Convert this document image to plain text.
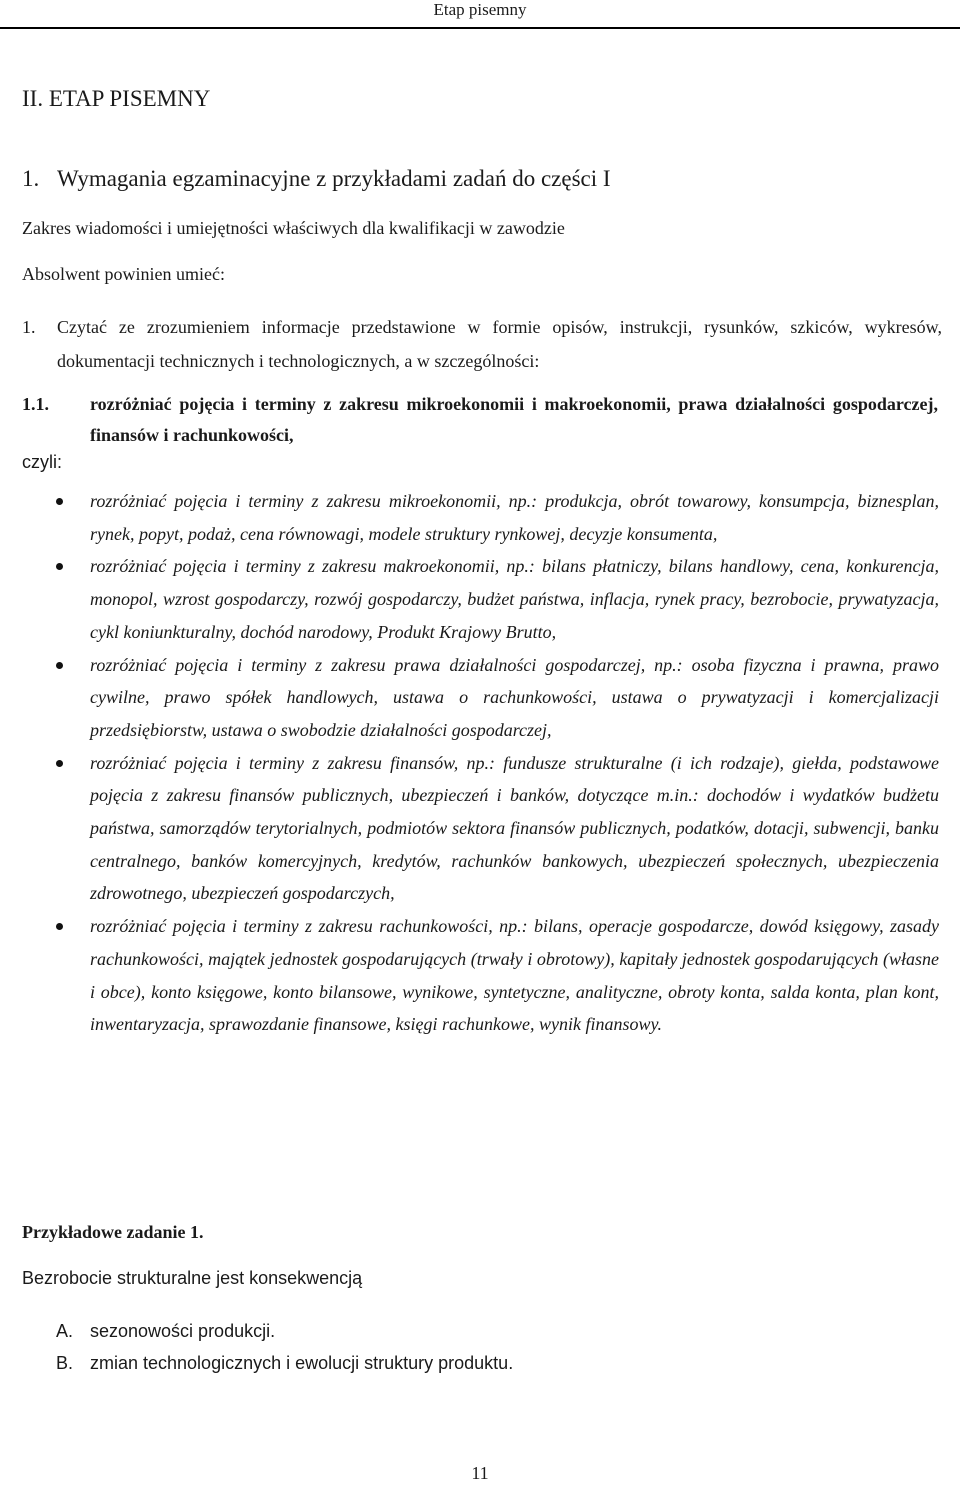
Etap pisemny
II. ETAP PISEMNY
1. Wymagania egzaminacyjne z przykładami zadań do części I
Zakres wiadomości i umiejętności właściwych dla kwalifikacji w zawodzie

Absolwent powinien umieć:

1. Czytać ze zrozumieniem informacje przedstawione w formie opisów, instrukcji, rysunków, szkiców, wykresów, dokumentacji technicznych i technologicznych, a w szczególności:
1.1. rozróżniać pojęcia i terminy z zakresu mikroekonomii i makroekonomii, prawa działalności gospodarczej, finansów i rachunkowości,
czyli:
rozróżniać pojęcia i terminy z zakresu mikroekonomii, np.: produkcja, obrót towarowy, konsumpcja, biznesplan, rynek, popyt, podaż, cena równowagi, modele struktury rynkowej, decyzje konsumenta,
rozróżniać pojęcia i terminy z zakresu makroekonomii, np.: bilans płatniczy, bilans handlowy, cena, konkurencja, monopol, wzrost gospodarczy, rozwój gospodarczy, budżet państwa, inflacja, rynek pracy, bezrobocie, prywatyzacja, cykl koniunkturalny, dochód narodowy, Produkt Krajowy Brutto,
rozróżniać pojęcia i terminy z zakresu prawa działalności gospodarczej, np.: osoba fizyczna i prawna, prawo cywilne, prawo spółek handlowych, ustawa o rachunkowości, ustawa o prywatyzacji i komercjalizacji przedsiębiorstw, ustawa o swobodzie działalności gospodarczej,
rozróżniać pojęcia i terminy z zakresu finansów, np.: fundusze strukturalne (i ich rodzaje), giełda, podstawowe pojęcia z zakresu finansów publicznych, ubezpieczeń i banków, dotyczące m.in.: dochodów i wydatków budżetu państwa, samorządów terytorialnych, podmiotów sektora finansów publicznych, podatków, dotacji, subwencji, banku centralnego, banków komercyjnych, kredytów, rachunków bankowych, ubezpieczeń społecznych, ubezpieczenia zdrowotnego, ubezpieczeń gospodarczych,
rozróżniać pojęcia i terminy z zakresu rachunkowości, np.: bilans, operacje gospodarcze, dowód księgowy, zasady rachunkowości, majątek jednostek gospodarujących (trwały i obrotowy), kapitały jednostek gospodarujących (własne i obce), konto księgowe, konto bilansowe, wynikowe, syntetyczne, analityczne, obroty konta, salda konta, plan kont, inwentaryzacja, sprawozdanie finansowe, księgi rachunkowe, wynik finansowy.
Przykładowe zadanie 1.

Bezrobocie strukturalne jest konsekwencją

A. sezonowości produkcji.
B. zmian technologicznych i ewolucji struktury produktu.
11
